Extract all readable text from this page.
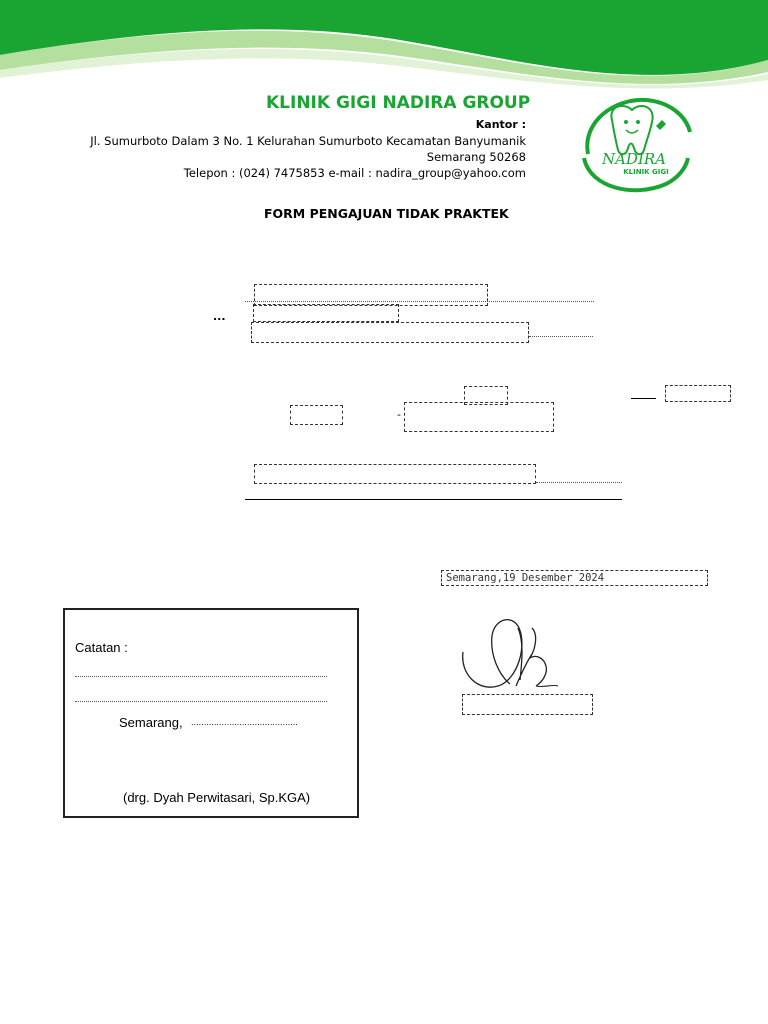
KLINIK GIGI NADIRA GROUP
Kantor :
Jl. Sumurboto Dalam 3 No. 1 Kelurahan Sumurboto Kecamatan Banyumanik
Semarang 50268
Telepon : (024) 7475853 e-mail : nadira_group@yahoo.com
NADIRA
KLINIK GIGI
FORM PENGAJUAN TIDAK PRAKTEK
...
-
Semarang,19 Desember 2024
Catatan :
Semarang, ..........................................
(drg. Dyah Perwitasari, Sp.KGA)
